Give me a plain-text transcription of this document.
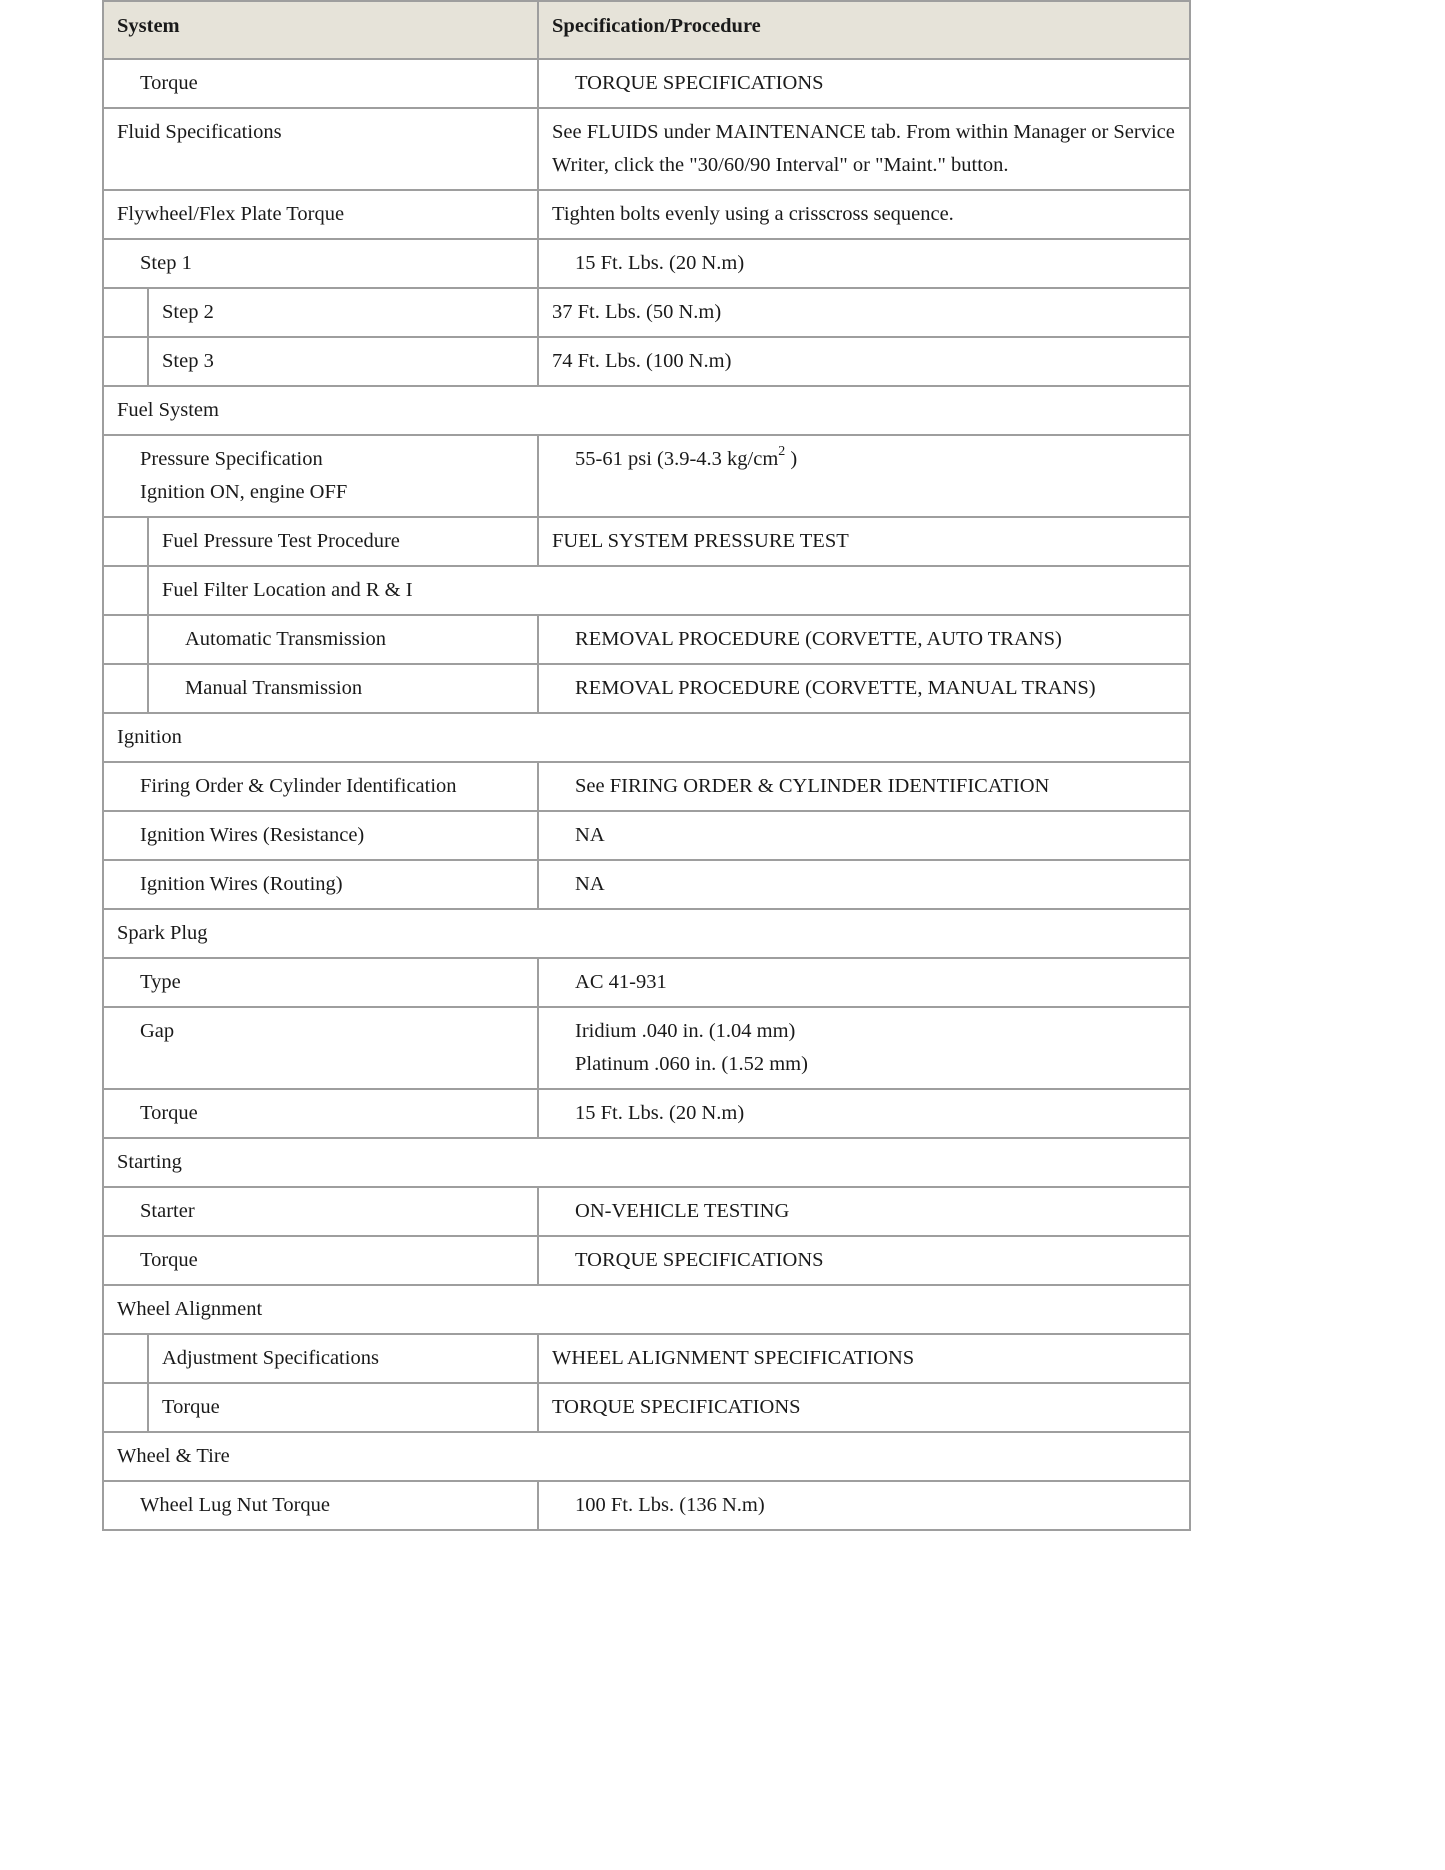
System		Specification/Procedure
Torque		TORQUE SPECIFICATIONS
Fluid Specifications		See FLUIDS under MAINTENANCE tab. From within Manager or Service Writer, click the "30/60/90 Interval" or "Maint." button.
Flywheel/Flex Plate Torque		Tighten bolts evenly using a crisscross sequence.
Step 1		15 Ft. Lbs. (20 N.m)
	Step 2	37 Ft. Lbs. (50 N.m)
	Step 3	74 Ft. Lbs. (100 N.m)
Fuel System		

Pressure Specification
Ignition ON, engine OFF		55-61 psi (3.9-4.3 $kg/cm^2$ )
	Fuel Pressure Test Procedure	FUEL SYSTEM PRESSURE TEST
	Fuel Filter Location and R & I	
	Automatic Transmission	REMOVAL PROCEDURE (CORVETTE, AUTO TRANS)
	Manual Transmission	REMOVAL PROCEDURE (CORVETTE, MANUAL TRANS)
Ignition		
Firing Order & Cylinder Identification		See FIRING ORDER & CYLINDER IDENTIFICATION
Ignition Wires (Resistance)		NA
Ignition Wires (Routing)		NA
Spark Plug		
Type		AC 41-931
Gap		Iridium .040 in. (1.04 mm)
Platinum .060 in. (1.52 mm)

Torque		15 Ft. Lbs. (20 N.m)
Starting		
Starter		ON-VEHICLE TESTING
Torque		TORQUE SPECIFICATIONS
Wheel Alignment		
	Adjustment Specifications	WHEEL ALIGNMENT SPECIFICATIONS
	Torque	TORQUE SPECIFICATIONS
Wheel & Tire		
Wheel Lug Nut Torque		100 Ft. Lbs. (136 N.m)
